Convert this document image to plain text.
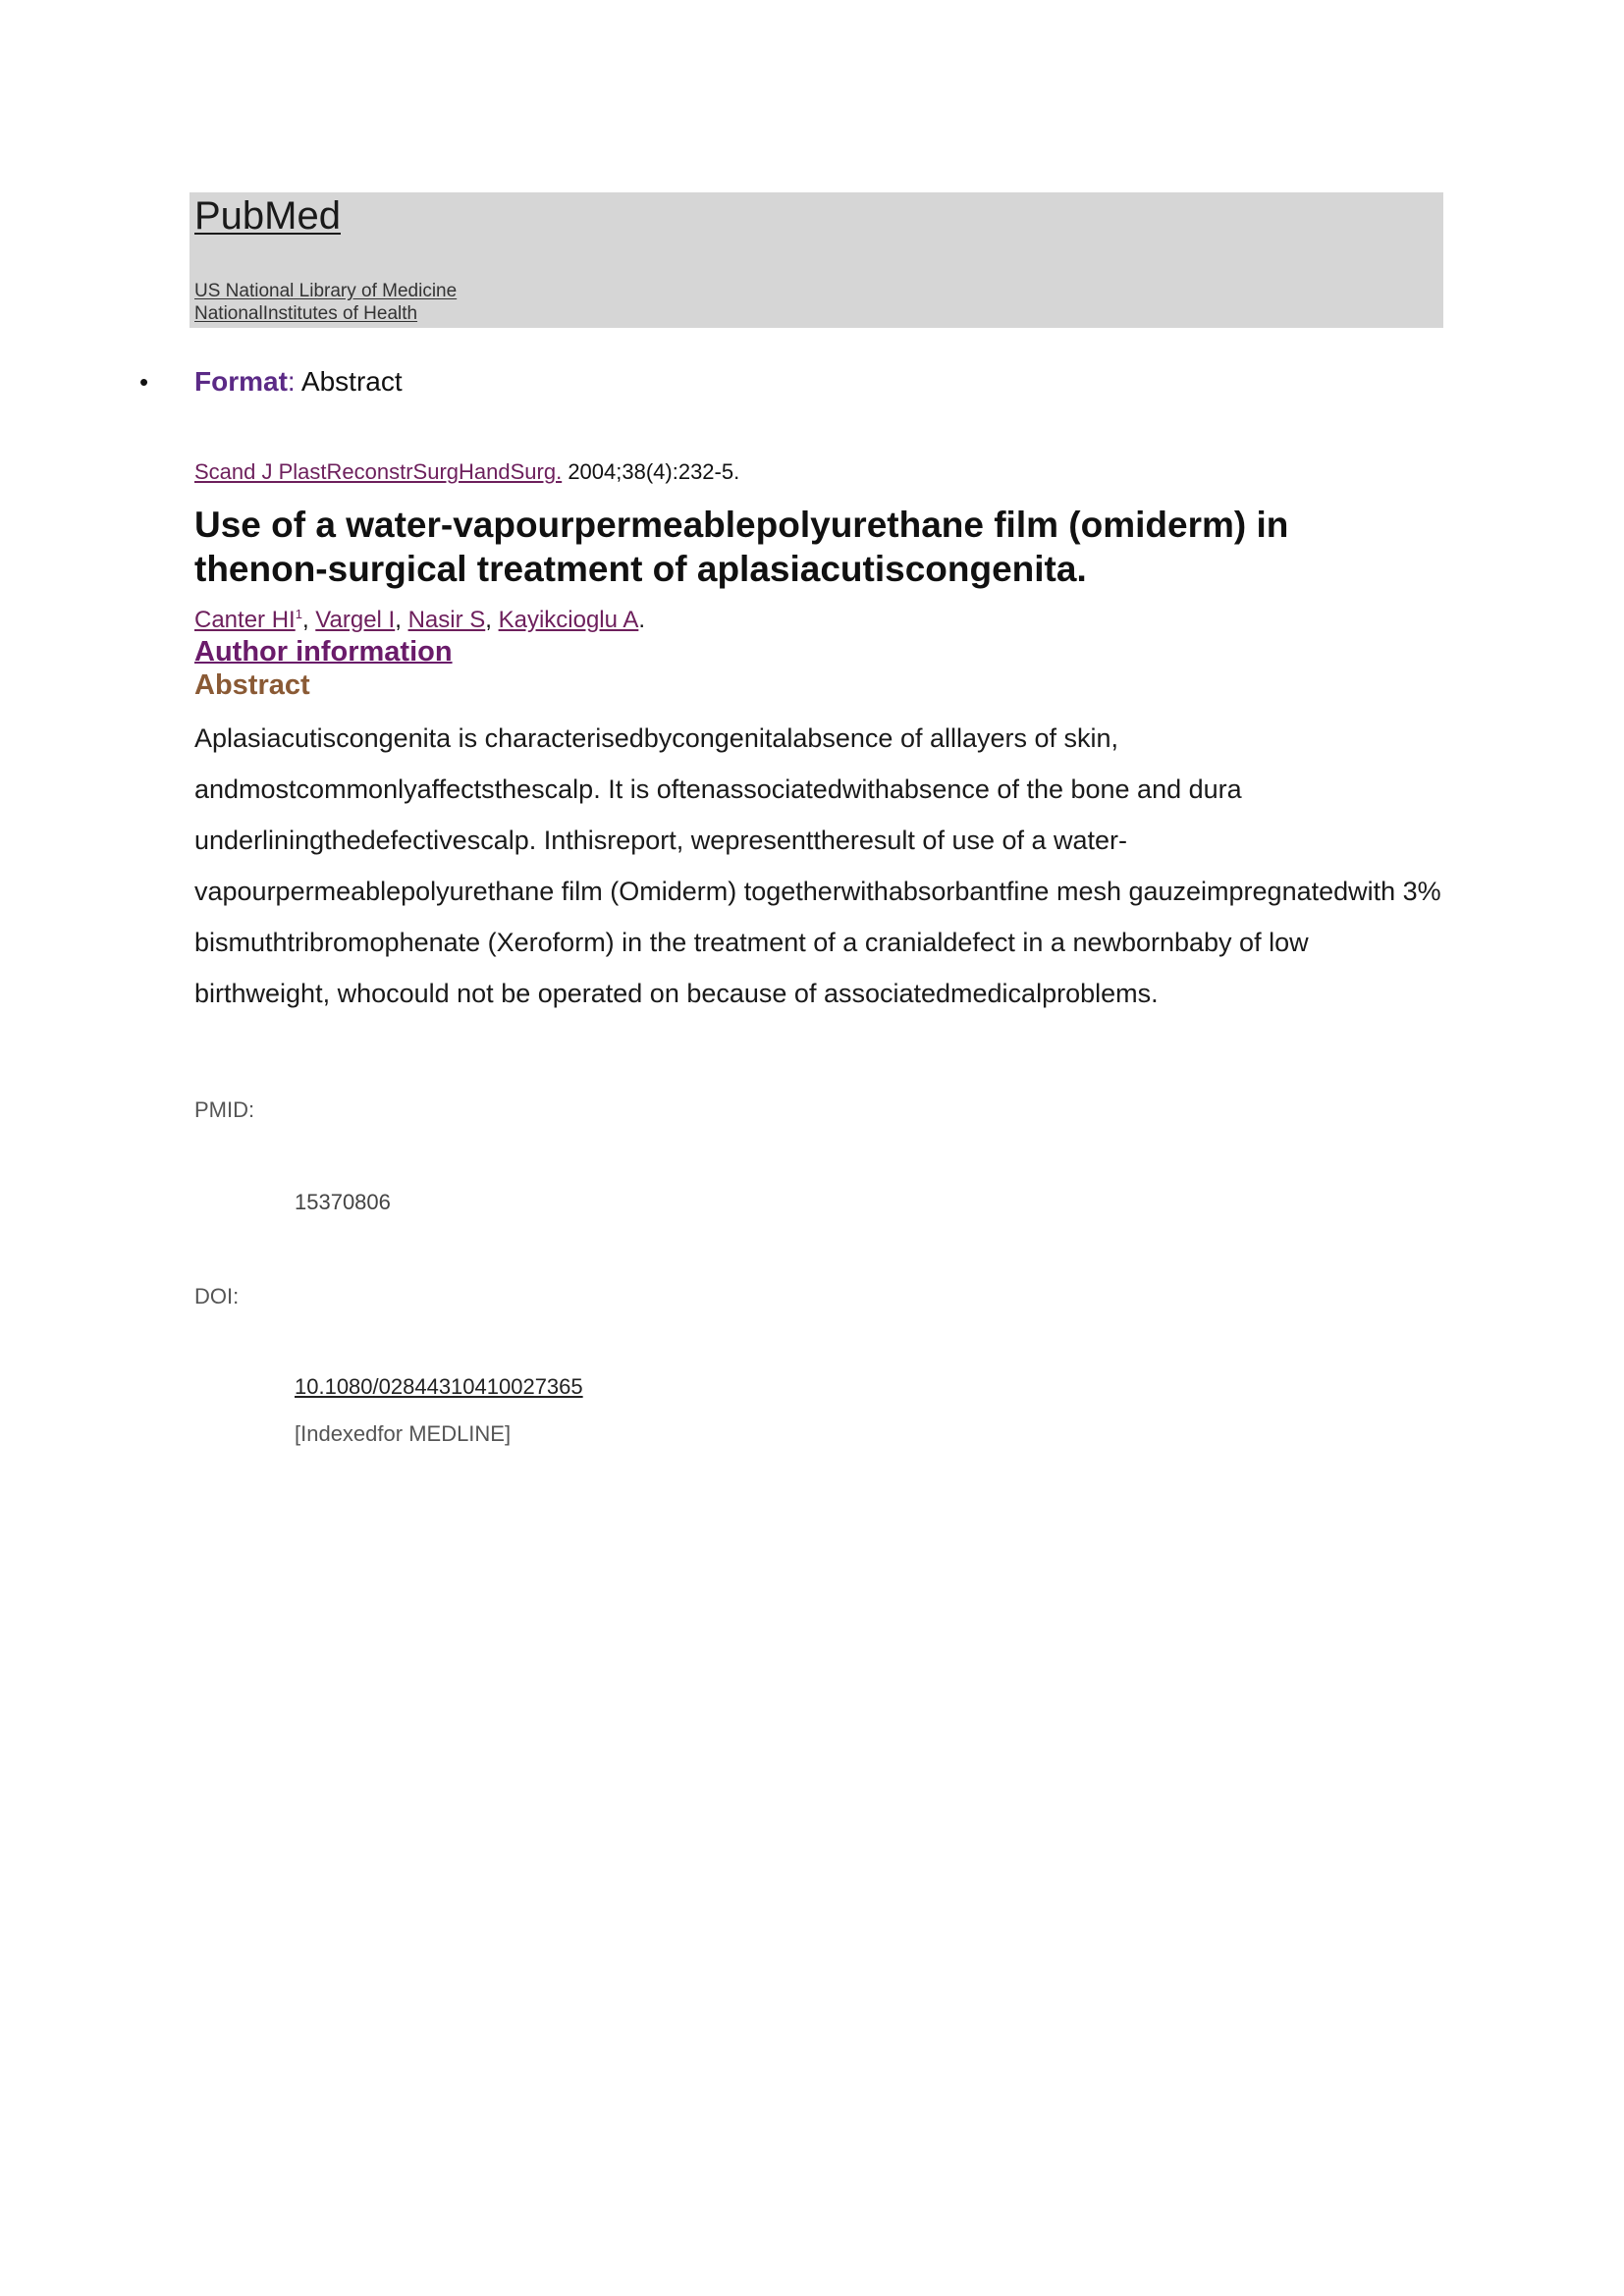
PubMed
US National Library of Medicine
NationalInstitutes of Health
• Format: Abstract
Scand J PlastReconstrSurgHandSurg. 2004;38(4):232-5.
Use of a water-vapourpermeablepolyurethane film (omiderm) in thenon-surgical treatment of aplasiacutiscongenita.
Canter $HI^1$, Vargel I, Nasir S, Kayikcioglu A.
Author information
Abstract

Aplasiacutiscongenita is characterisedbycongenitalabsence of alllayers of skin, andmostcommonlyaffectsthescalp. It is oftenassociatedwithabsence of the bone and dura underliningthedefectivescalp. Inthisreport, wepresenttheresult of use of a water-vapourpermeablepolyurethane film (Omiderm) togetherwithabsorbantfine mesh gauzeimpregnatedwith 3% bismuthtribromophenate (Xeroform) in the treatment of a cranialdefect in a newbornbaby of low birthweight, whocould not be operated on because of associatedmedicalproblems.

PMID:
15370806
DOI:
10.1080/02844310410027365
[Indexedfor MEDLINE]
